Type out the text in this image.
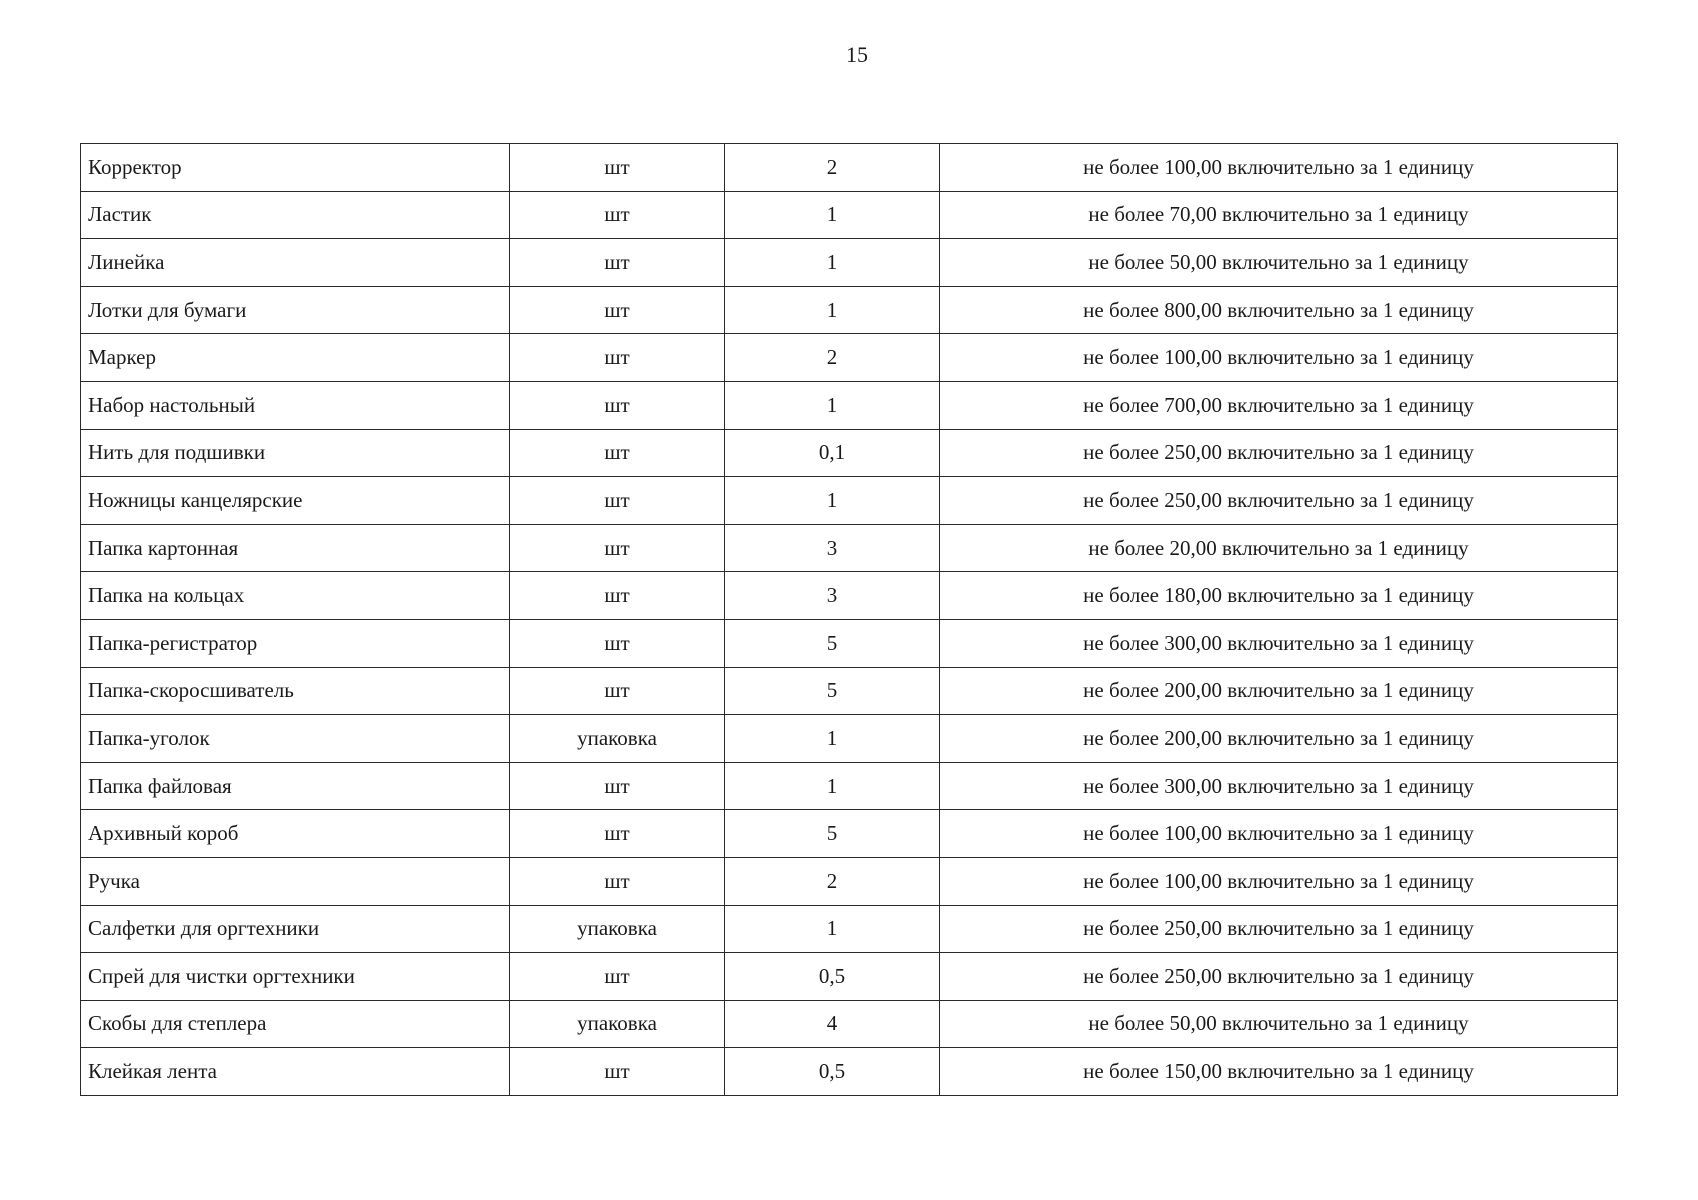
15
Корректор	шт	2	не более 100,00 включительно за 1 единицу
Ластик	шт	1	не более 70,00 включительно за 1 единицу
Линейка	шт	1	не более 50,00 включительно за 1 единицу
Лотки для бумаги	шт	1	не более 800,00 включительно за 1 единицу
Маркер	шт	2	не более 100,00 включительно за 1 единицу
Набор настольный	шт	1	не более 700,00 включительно за 1 единицу
Нить для подшивки	шт	0,1	не более 250,00 включительно за 1 единицу
Ножницы канцелярские	шт	1	не более 250,00 включительно за 1 единицу
Папка картонная	шт	3	не более 20,00 включительно за 1 единицу
Папка на кольцах	шт	3	не более 180,00 включительно за 1 единицу
Папка-регистратор	шт	5	не более 300,00 включительно за 1 единицу
Папка-скоросшиватель	шт	5	не более 200,00 включительно за 1 единицу
Папка-уголок	упаковка	1	не более 200,00 включительно за 1 единицу
Папка файловая	шт	1	не более 300,00 включительно за 1 единицу
Архивный короб	шт	5	не более 100,00 включительно за 1 единицу
Ручка	шт	2	не более 100,00 включительно за 1 единицу
Салфетки для оргтехники	упаковка	1	не более 250,00 включительно за 1 единицу
Спрей для чистки оргтехники	шт	0,5	не более 250,00 включительно за 1 единицу
Скобы для степлера	упаковка	4	не более 50,00 включительно за 1 единицу
Клейкая лента	шт	0,5	не более 150,00 включительно за 1 единицу
